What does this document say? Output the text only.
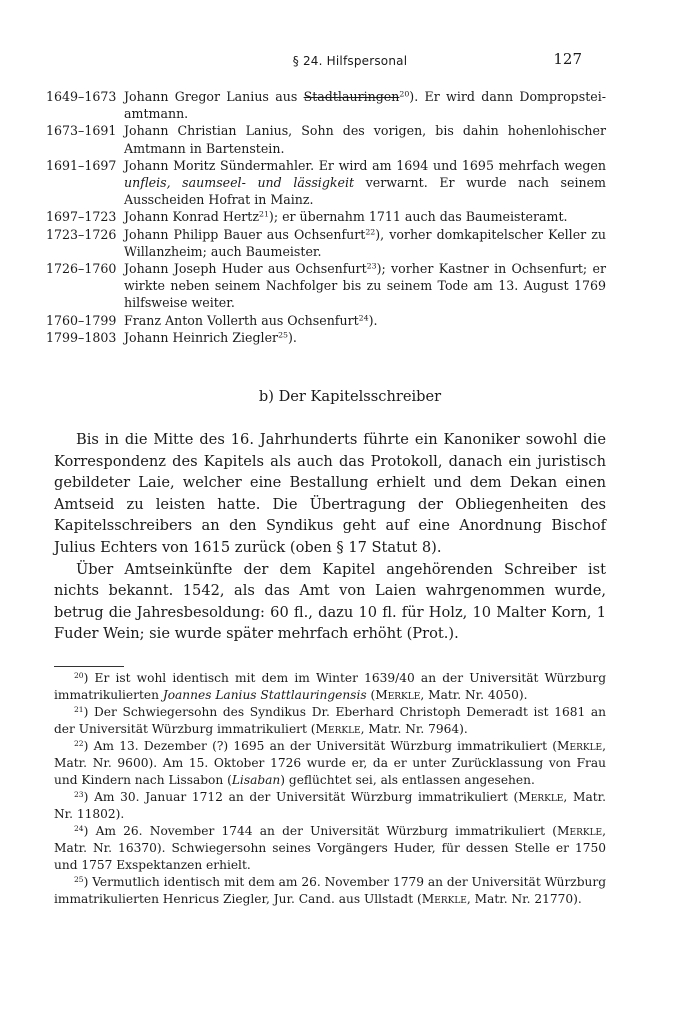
§ 24. Hilfspersonal	127
1649–1673 Johann Gregor Lanius aus Stadtlauringen$^{20}$). Er wird dann Dompropstei-amtmann.
1673–1691 Johann Christian Lanius, Sohn des vorigen, bis dahin hohenlohischer Amtmann in Bartenstein.
1691–1697 Johann Moritz Sündermahler. Er wird am 1694 und 1695 mehrfach wegen unfleis, saumseel- und lässigkeit verwarnt. Er wurde nach seinem Ausscheiden Hofrat in Mainz.
1697–1723 Johann Konrad Hertz$^{21}$); er übernahm 1711 auch das Baumeisteramt.
1723–1726 Johann Philipp Bauer aus Ochsenfurt$^{22}$), vorher domkapitelscher Keller zu Willanzheim; auch Baumeister.
1726–1760 Johann Joseph Huder aus Ochsenfurt$^{23}$); vorher Kastner in Ochsenfurt; er wirkte neben seinem Nachfolger bis zu seinem Tode am 13. August 1769 hilfsweise weiter.
1760–1799 Franz Anton Vollerth aus Ochsenfurt$^{24}$).
1799–1803 Johann Heinrich Ziegler$^{25}$).
b) Der Kapitelsschreiber

Bis in die Mitte des 16. Jahrhunderts führte ein Kanoniker sowohl die Korrespondenz des Kapitels als auch das Protokoll, danach ein juristisch gebildeter Laie, welcher eine Bestallung erhielt und dem Dekan einen Amtseid zu leisten hatte. Die Übertragung der Obliegenheiten des Kapitelsschreibers an den Syndikus geht auf eine Anordnung Bischof Julius Echters von 1615 zurück (oben § 17 Statut 8).

Über Amtseinkünfte der dem Kapitel angehörenden Schreiber ist nichts bekannt. 1542, als das Amt von Laien wahrgenommen wurde, betrug die Jahresbesoldung: 60 fl., dazu 10 fl. für Holz, 10 Malter Korn, 1 Fuder Wein; sie wurde später mehrfach erhöht (Prot.).

$^{20}$) Er ist wohl identisch mit dem im Winter 1639/40 an der Universität Würzburg immatrikulierten Joannes Lanius Stattlauringensis (Merkle, Matr. Nr. 4050).

$^{21}$) Der Schwiegersohn des Syndikus Dr. Eberhard Christoph Demeradt ist 1681 an der Universität Würzburg immatrikuliert (Merkle, Matr. Nr. 7964).

$^{22}$) Am 13. Dezember (?) 1695 an der Universität Würzburg immatrikuliert (Merkle, Matr. Nr. 9600). Am 15. Oktober 1726 wurde er, da er unter Zurücklassung von Frau und Kindern nach Lissabon (Lisaban) geflüchtet sei, als entlassen angesehen.

$^{23}$) Am 30. Januar 1712 an der Universität Würzburg immatrikuliert (Merkle, Matr. Nr. 11802).

$^{24}$) Am 26. November 1744 an der Universität Würzburg immatrikuliert (Merkle, Matr. Nr. 16370). Schwiegersohn seines Vorgängers Huder, für dessen Stelle er 1750 und 1757 Exspektanzen erhielt.

$^{25}$) Vermutlich identisch mit dem am 26. November 1779 an der Universität Würzburg immatrikulierten Henricus Ziegler, Jur. Cand. aus Ullstadt (Merkle, Matr. Nr. 21770).
